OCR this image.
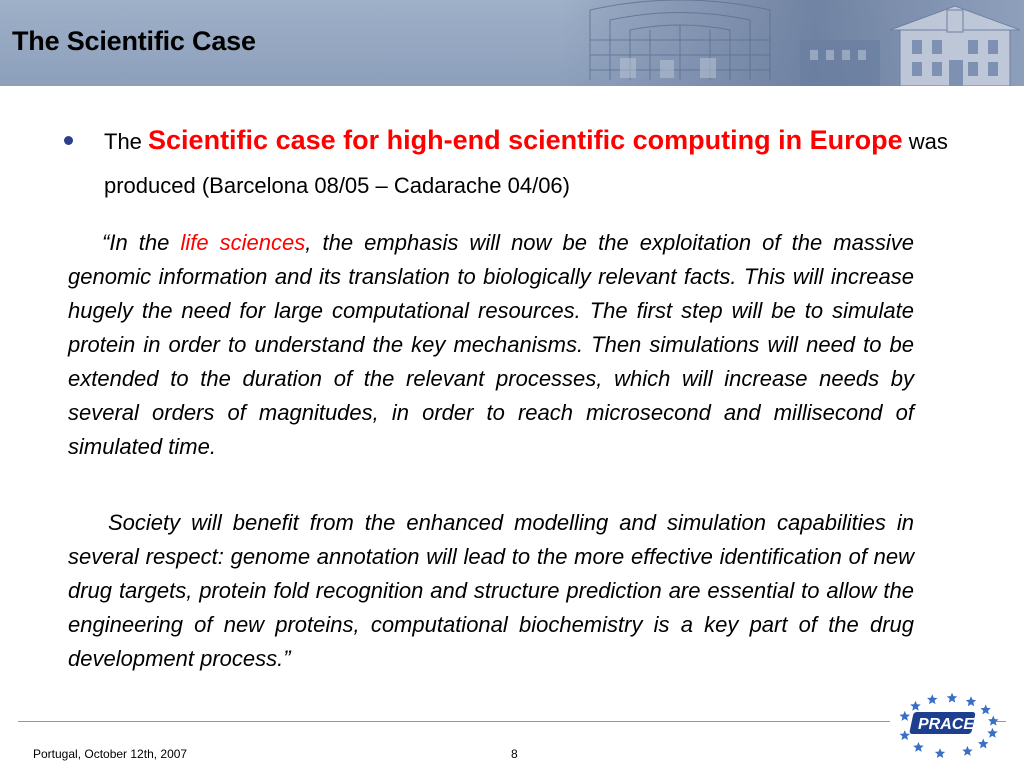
The Scientific Case
The Scientific case for high-end scientific computing in Europe was produced (Barcelona 08/05 – Cadarache 04/06)

“In the life sciences, the emphasis will now be the exploitation of the massive genomic information and its translation to biologically relevant facts. This will increase hugely the need for large computational resources. The first step will be to simulate protein in order to understand the key mechanisms. Then simulations will need to be extended to the duration of the relevant processes, which will increase needs by several orders of magnitudes, in order to reach microsecond and millisecond of simulated time.

Society will benefit from the enhanced modelling and simulation capabilities in several respect: genome annotation will lead to the more effective identification of new drug targets, protein fold recognition and structure prediction are essential to allow the engineering of new proteins, computational biochemistry is a key part of the drug development process.”

Portugal, October 12th, 2007	8
PRACE
